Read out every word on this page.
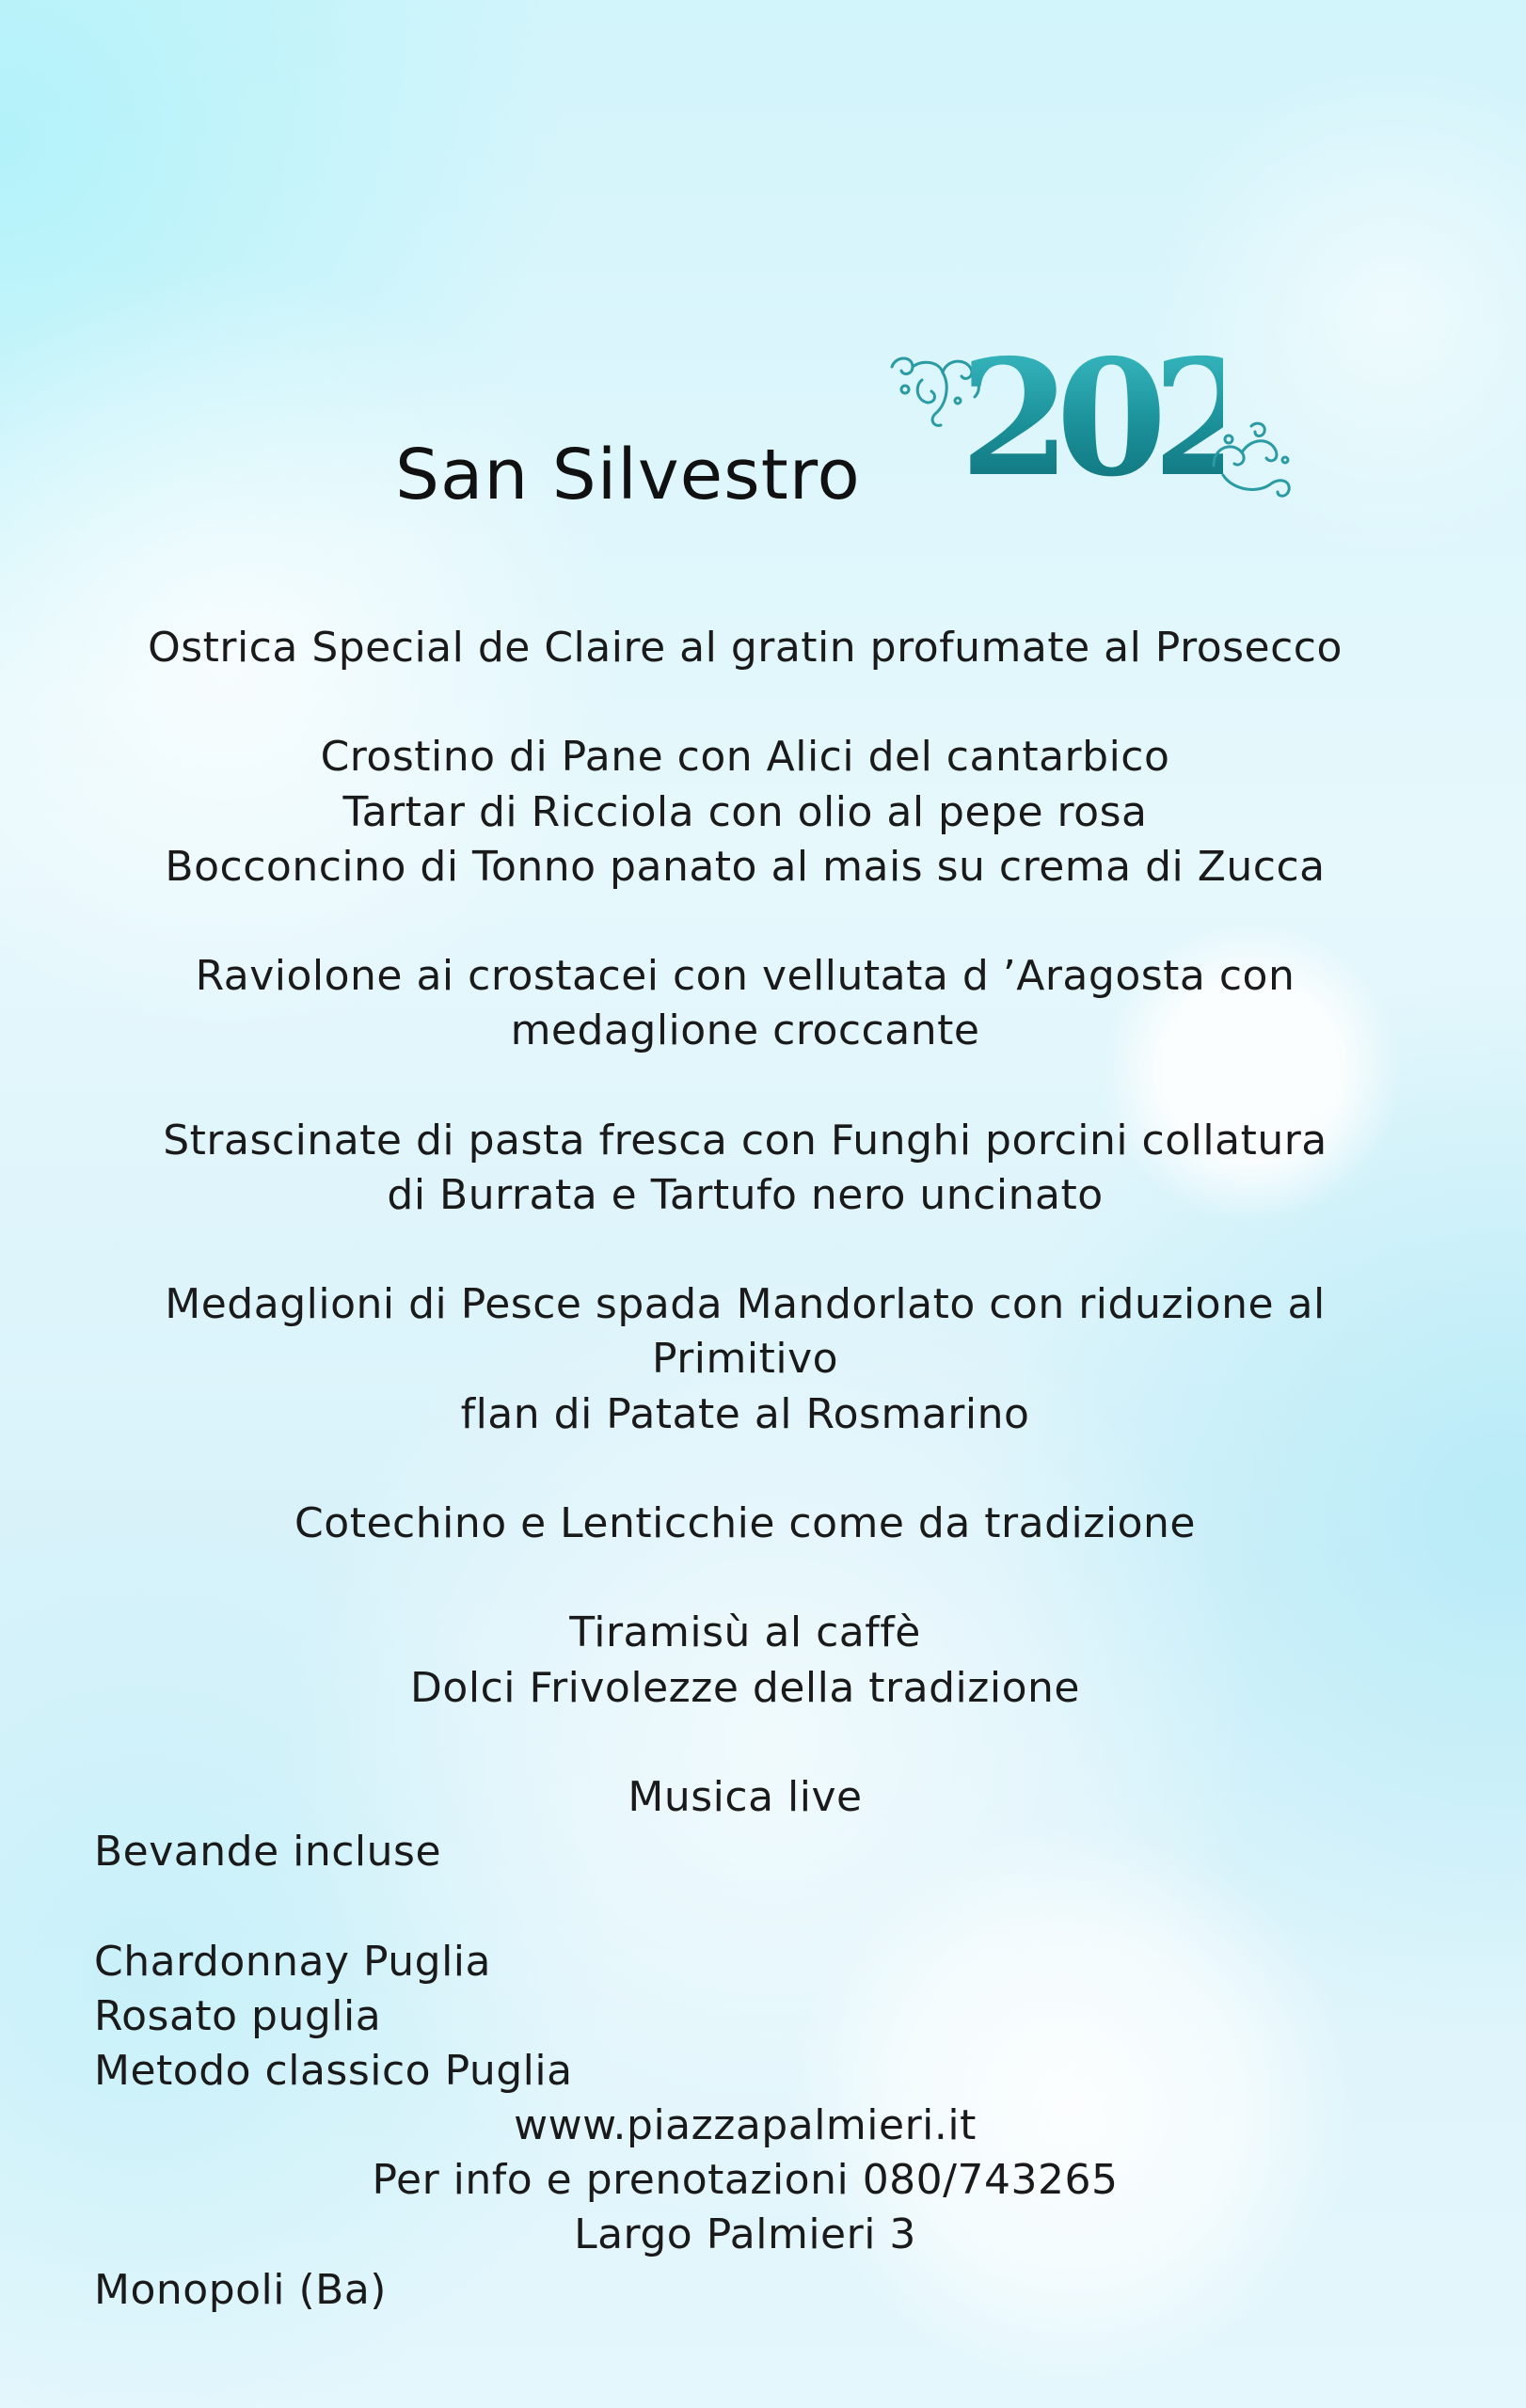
San Silvestro 2022
Ostrica Special de Claire al gratin profumate al Prosecco
Crostino di Pane con Alici del cantarbico
Tartar di Ricciola con olio al pepe rosa
Bocconcino di Tonno panato al mais su crema di Zucca
Raviolone ai crostacei con vellutata d ’Aragosta con
medaglione croccante
Strascinate di pasta fresca con Funghi porcini collatura
di Burrata e Tartufo nero uncinato
Medaglioni di Pesce spada Mandorlato con riduzione al
Primitivo
flan di Patate al Rosmarino
Cotechino e Lenticchie come da tradizione
Tiramisù al caffè
Dolci Frivolezze della tradizione
Musica live
Bevande incluse
Chardonnay Puglia
Rosato puglia
Metodo classico Puglia
www.piazzapalmieri.it
Per info e prenotazioni 080/743265
Largo Palmieri 3
Monopoli (Ba)
